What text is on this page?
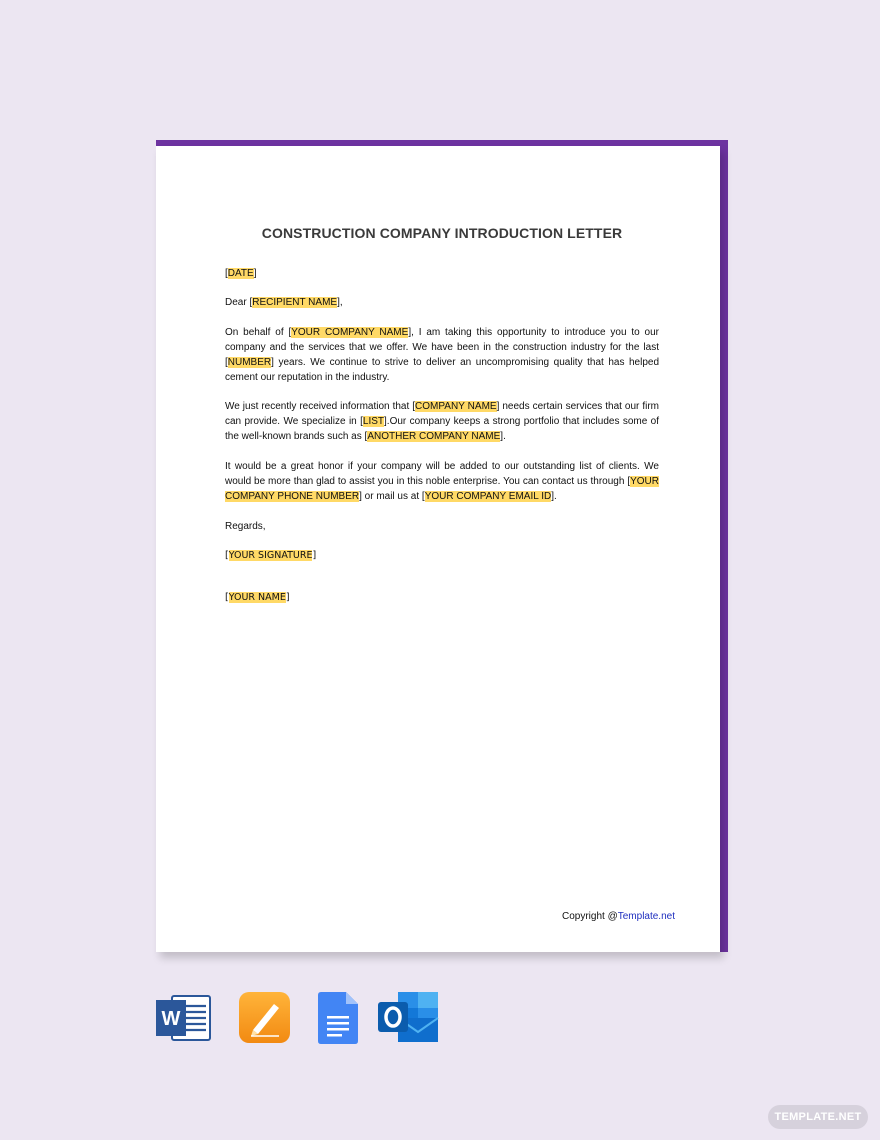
CONSTRUCTION COMPANY INTRODUCTION LETTER

[DATE]

Dear [RECIPIENT NAME],

On behalf of [YOUR COMPANY NAME], I am taking this opportunity to introduce you to our company and the services that we offer. We have been in the construction industry for the last [NUMBER] years. We continue to strive to deliver an uncompromising quality that has helped cement our reputation in the industry.

We just recently received information that [COMPANY NAME] needs certain services that our firm can provide. We specialize in [LIST].Our company keeps a strong portfolio that includes some of the well-known brands such as [ANOTHER COMPANY NAME].

It would be a great honor if your company will be added to our outstanding list of clients. We would be more than glad to assist you in this noble enterprise. You can contact us through [YOUR COMPANY PHONE NUMBER] or mail us at [YOUR COMPANY EMAIL ID].

Regards,

[YOUR SIGNATURE]

[YOUR NAME]

Copyright @Template.net
W
TEMPLATE.NET
